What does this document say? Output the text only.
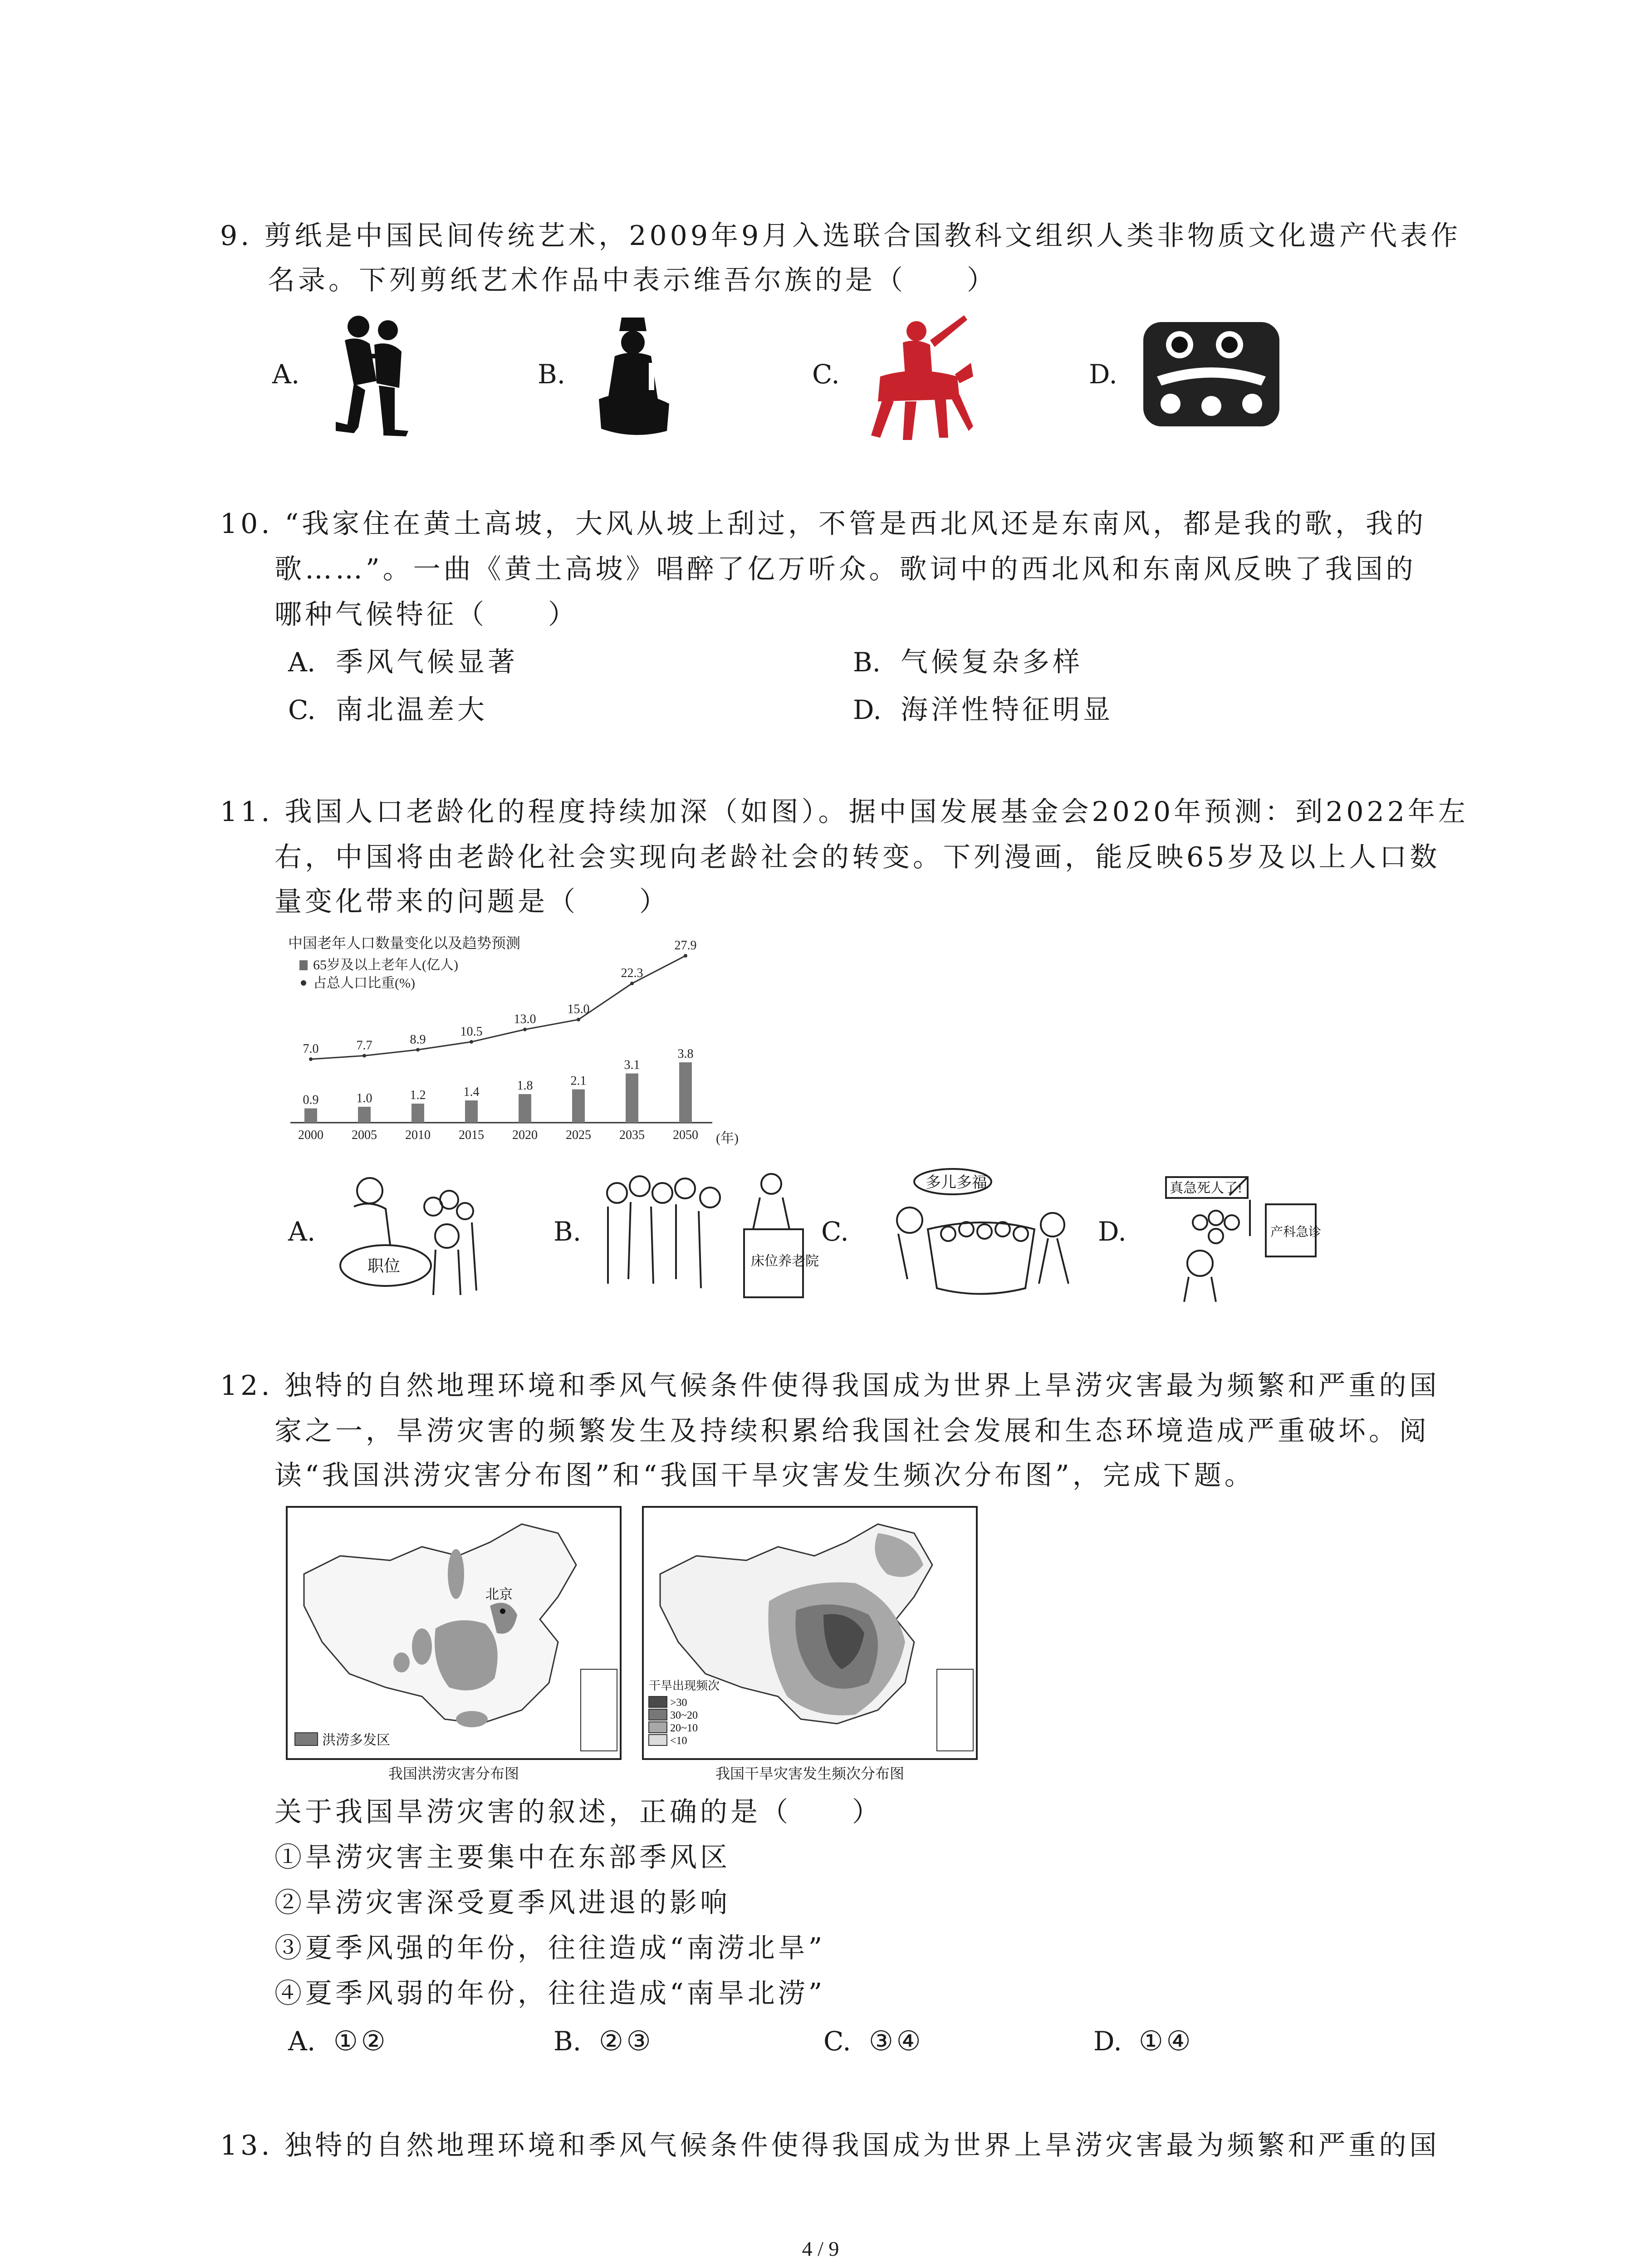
9. 剪纸是中国民间传统艺术，2009年9月入选联合国教科文组织人类非物质文化遗产代表作
名录。下列剪纸艺术作品中表示维吾尔族的是（　　）
A.	B.	C.	D.
10. “我家住在黄土高坡，大风从坡上刮过，不管是西北风还是东南风，都是我的歌，我的
歌……”。一曲《黄土高坡》唱醉了亿万听众。歌词中的西北风和东南风反映了我国的
哪种气候特征（　　）
A. 季风气候显著	B. 气候复杂多样
C. 南北温差大	D. 海洋性特征明显
11. 我国人口老龄化的程度持续加深（如图）。据中国发展基金会2020年预测：到2022年左
右，中国将由老龄化社会实现向老龄社会的转变。下列漫画，能反映65岁及以上人口数
量变化带来的问题是（　　）
中国老年人口数量变化以及趋势预测
65岁及以上老年人(亿人)
占总人口比重(%)
0.9
2000
1.0
2005
1.2
2010
1.4
2015
1.8
2020
2.1
2025
3.1
2035
3.8
2050
7.0	7.7	8.9
10.5
13.0
15.0
22.3
27.9
(年)
A.
职位
B.
床位养老院
C.
多儿多福
D.
真急死人了!
产科急诊
12. 独特的自然地理环境和季风气候条件使得我国成为世界上旱涝灾害最为频繁和严重的国
家之一，旱涝灾害的频繁发生及持续积累给我国社会发展和生态环境造成严重破坏。阅
读“我国洪涝灾害分布图”和“我国干旱灾害发生频次分布图”，完成下题。
北京
洪涝多发区
我国洪涝灾害分布图
干旱出现频次
>30
30~20
20~10
<10
我国干旱灾害发生频次分布图
关于我国旱涝灾害的叙述，正确的是（　　）
①旱涝灾害主要集中在东部季风区
②旱涝灾害深受夏季风进退的影响
③夏季风强的年份，往往造成“南涝北旱”
④夏季风弱的年份，往往造成“南旱北涝”
A. ①②	B. ②③	C. ③④	D. ①④
13. 独特的自然地理环境和季风气候条件使得我国成为世界上旱涝灾害最为频繁和严重的国
4 / 9
